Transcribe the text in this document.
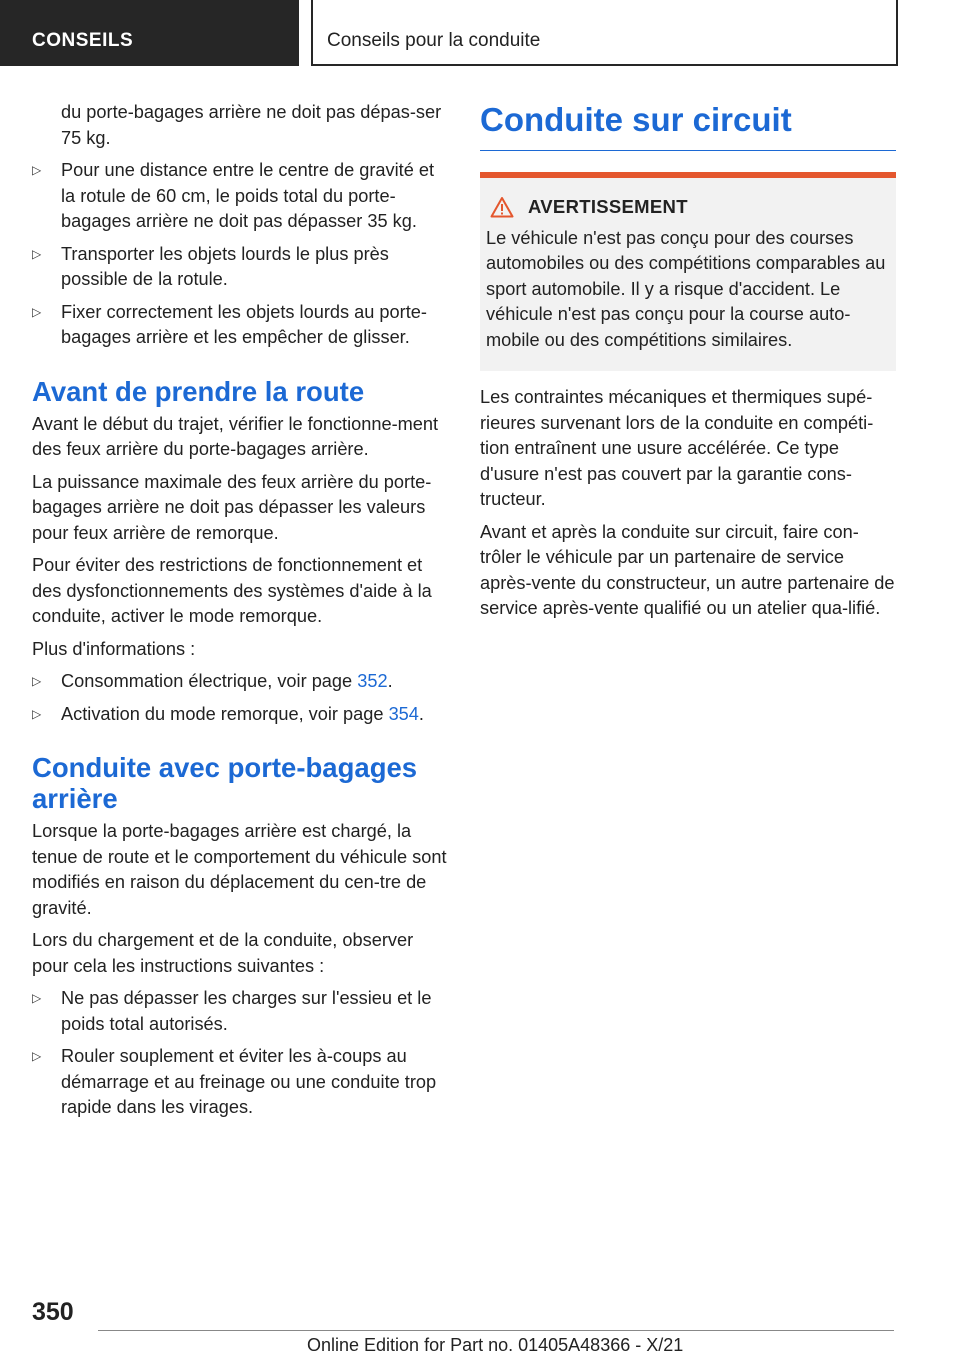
CONSEILS	Conseils pour la conduite
du porte-bagages arrière ne doit pas dépas‐ser 75 kg.
▷ Pour une distance entre le centre de gravité et la rotule de 60 cm, le poids total du porte-bagages arrière ne doit pas dépasser 35 kg.
▷ Transporter les objets lourds le plus près possible de la rotule.
▷ Fixer correctement les objets lourds au porte-bagages arrière et les empêcher de glisser.
Avant de prendre la route
Avant le début du trajet, vérifier le fonctionne‐ment des feux arrière du porte-bagages arrière.
La puissance maximale des feux arrière du porte-bagages arrière ne doit pas dépasser les valeurs pour feux arrière de remorque.
Pour éviter des restrictions de fonctionnement et des dysfonctionnements des systèmes d'aide à la conduite, activer le mode remorque.
Plus d'informations :
▷ Consommation électrique, voir page 352.
▷ Activation du mode remorque, voir page 354.
Conduite avec porte-bagages arrière
Lorsque la porte-bagages arrière est chargé, la tenue de route et le comportement du véhicule sont modifiés en raison du déplacement du cen‐tre de gravité.
Lors du chargement et de la conduite, observer pour cela les instructions suivantes :
▷ Ne pas dépasser les charges sur l'essieu et le poids total autorisés.
▷ Rouler souplement et éviter les à-coups au démarrage et au freinage ou une conduite trop rapide dans les virages.
Conduite sur circuit
AVERTISSEMENT
Le véhicule n'est pas conçu pour des courses automobiles ou des compétitions comparables au sport automobile. Il y a risque d'accident. Le véhicule n'est pas conçu pour la course auto‐mobile ou des compétitions similaires.
Les contraintes mécaniques et thermiques supé‐rieures survenant lors de la conduite en compéti‐tion entraînent une usure accélérée. Ce type d'usure n'est pas couvert par la garantie cons‐tructeur.
Avant et après la conduite sur circuit, faire con‐trôler le véhicule par un partenaire de service après-vente du constructeur, un autre partenaire de service après-vente qualifié ou un atelier qua‐lifié.
350
Online Edition for Part no. 01405A48366 - X/21
